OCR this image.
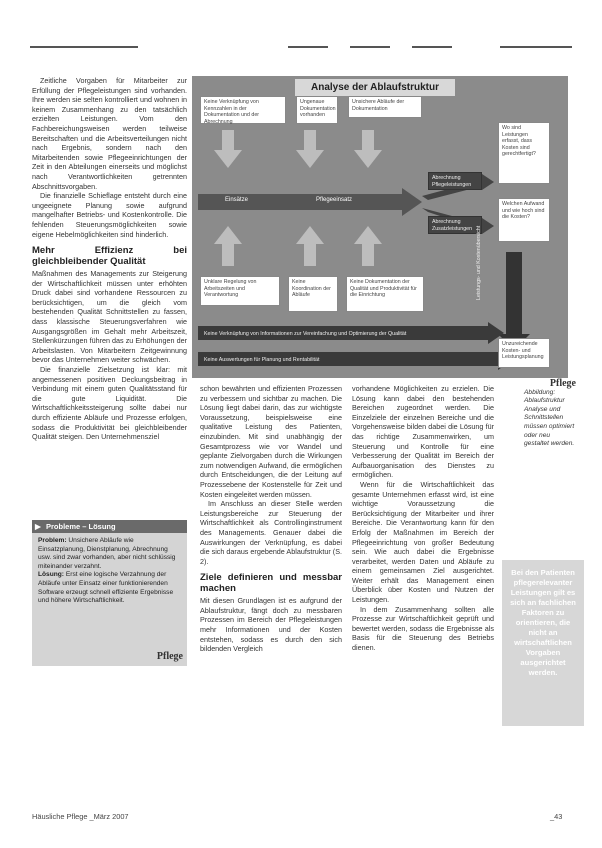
Zeitliche Vorgaben für Mitarbeiter zur Erfüllung der Pflegeleistungen sind vorhanden. Ihre werden sie selten kontrolliert und wohnen in keinem Zusammenhang zu den tatsächlich erzielten Leistungen. Vom den Fachbereichungsweisen werden teilweise Bereitschaften und die Arbeitsverteilungen nicht nach Ergebnis, sondern nach den Mitarbeitenden sowie Pflegeeinrichtungen der Zeit in den Abteilungen einerseits und möglichst nach Verantwortlichkeiten getrennten Abschnittsvorgaben.

Die finanzielle Schieflage entsteht durch eine ungeeignete Planung sowie aufgrund mangelhafter Betriebs- und Kostenkontrolle. Die fehlenden Steuerungsmöglichkeiten sowie eigene Hebelmöglichkeiten sind hinderlich.

Mehr Effizienz bei gleichbleibender Qualität

Maßnahmen des Managements zur Steigerung der Wirtschaftlichkeit müssen unter erhöhten Druck dabei sind vorhandene Ressourcen zu berücksichtigen, um die gleich vom bestehenden Qualität Schnittstellen zu fassen, dass klassische Steuerungsverfahren wie Ausgangsgrößen im Gehalt mehr Arbeitszeit, Stellenkürzungen führen das zu Erhöhungen der Arbeitslasten. Von Mitarbeitern Zeitgewinnung bevor das Unternehmen weiter schwächen.

Die finanzielle Zielsetzung ist klar: mit angemessenen positiven Deckungsbeitrag in Verbindung mit einem guten Qualitätsstand für die gute Liquidität. Die Wirtschaftlichkeitssteigerung sollte dabei nur durch effiziente Abläufe und Prozesse erfolgen, sodass die Produktivität bei gleichbleibender Qualität steigen. Den Unternehmensziel

▶ Probleme – Lösung
Problem: Unsichere Abläufe wie Einsatzplanung, Dienstplanung, Abrechnung usw. sind zwar vorhanden, aber nicht schlüssig miteinander verzahnt.
Lösung: Erst eine logische Verzahnung der Abläufe unter Einsatz einer funktionierenden Software erzeugt schnell effiziente Ergebnisse und höhere Wirtschaftlichkeit.
Pflege
Analyse der Ablaufstruktur
Keine Verknüpfung von Kennzahlen in der Dokumentation und der Abrechnung
Ungenaue Dokumentation vorhanden
Unsichere Abläufe der Dokumentation
Wo sind Leistungen erfasst, dass Kosten sind gerechtfertigt?
Welchen Aufwand und wie hoch sind die Kosten?
Einsätze	Pflegeeinsatz
Abrechnung Pflegeleistungen
Abrechnung Zusatzleistungen
Unklare Regelung von Arbeitszeiten und Verantwortung
Keine Koordination der Abläufe
Keine Dokumentation der Qualität und Produktivität für die Einrichtung	Leistungs- und Kostenübersicht
Keine Verknüpfung von Informationen zur Vereinfachung und Optimierung der Qualität
Keine Auswertungen für Planung und Rentabilität
Unzureichende Kosten- und Leistungsplanung
Pflege
Abbildung: Ablaufstruktur Analyse und Schnittstellen müssen optimiert oder neu gestaltet werden.

schon bewährten und effizienten Prozessen zu verbessern und sichtbar zu machen. Die Lösung liegt dabei darin, das zur wichtigste Voraussetzung, beispielsweise eine qualitative Leistung des Patienten, einzubinden. Mit sind unabhängig der Gesamtprozess wie vor Wandel und geplante Zielvorgaben durch die Wirkungen zum notwendigen Aufwand, die ermöglichen durch Entscheidungen, die der Leitung auf Prozessebene der Kostenstelle für Zeit und Kosten eingeleitet werden müssen.

Im Anschluss an dieser Stelle werden Leistungsbereiche zur Steuerung der Wirtschaftlichkeit als Controllinginstrument des Managements. Genauer dabei die Auswirkungen der Verknüpfung, es dabei die sich daraus ergebende Ablaufstruktur (S. 2).

Ziele definieren und messbar machen

Mit diesen Grundlagen ist es aufgrund der Ablaufstruktur, fängt doch zu messbaren Prozessen im Bereich der Pflegeleistungen mehr Informationen und der Kosten entstehen, sodass es durch den sich bildenden Vergleich

vorhandene Möglichkeiten zu erzielen. Die Lösung kann dabei den bestehenden Bereichen zugeordnet werden. Die Einzelziele der einzelnen Bereiche und die Vorgehensweise bilden dabei die Lösung für das richtige Zusammenwirken, um Steuerung und Kontrolle für eine Verbesserung der Qualität im Bereich der Aufbauorganisation des Dienstes zu ermöglichen.

Wenn für die Wirtschaftlichkeit das gesamte Unternehmen erfasst wird, ist eine wichtige Voraussetzung die Berücksichtigung der Mitarbeiter und ihrer Bereiche. Die Verantwortung kann für den Erfolg der Maßnahmen im Bereich der Pflegeeinrichtung von großer Bedeutung sein. Wie auch dabei die Ergebnisse verarbeitet, werden Daten und Abläufe zu einem gemeinsamen Ziel ausgerichtet. Weiter erhält das Management einen Überblick über Kosten und Nutzen der Leistungen.

In dem Zusammenhang sollten alle Prozesse zur Wirtschaftlichkeit geprüft und bewertet werden, sodass die Ergebnisse als Basis für die Steuerung des Betriebs dienen.

Bei den Patienten pflegerelevanter Leistungen gilt es sich an fachlichen Faktoren zu orientieren, die nicht an wirtschaftlichen Vorgaben ausgerichtet werden.
Häusliche Pflege _März 2007	_43
